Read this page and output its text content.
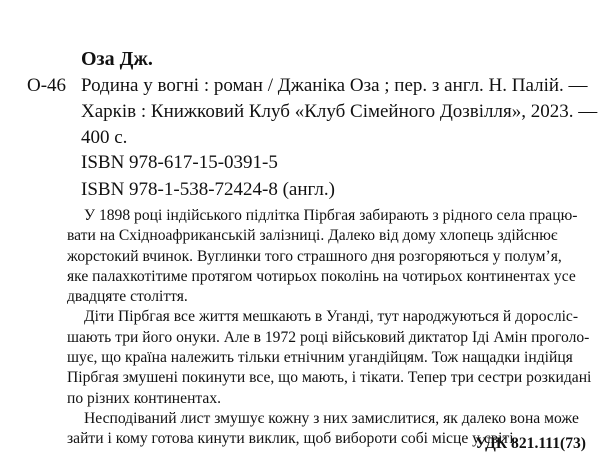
Оза Дж.
О-46 Родина у вогні : роман / Джаніка Оза ; пер. з англ. Н. Палій. —
Харків : Книжковий Клуб «Клуб Сімейного Дозвілля», 2023. —
400 с.
ISBN 978-617-15-0391-5
ISBN 978-1-538-72424-8 (англ.)
У 1898 році індійського підлітка Пірбгая забирають з рідного села працю-
вати на Східноафриканській залізниці. Далеко від дому хлопець здійснює
жорстокий вчинок. Вуглинки того страшного дня розгоряються у полум’я,
яке палахкотітиме протягом чотирьох поколінь на чотирьох континентах усе
двадцяте століття.
Діти Пірбгая все життя мешкають в Уганді, тут народжуються й доросліс-
шають три його онуки. Але в 1972 році військовий диктатор Іді Амін проголо-
шує, що країна належить тільки етнічним угандійцям. Тож нащадки індійця
Пірбгая змушені покинути все, що мають, і тікати. Тепер три сестри розкидані
по різних континентах.
Несподіваний лист змушує кожну з них замислитися, як далеко вона може
зайти і кому готова кинути виклик, щоб вибороти собі місце у світі.
УДК 821.111(73)
